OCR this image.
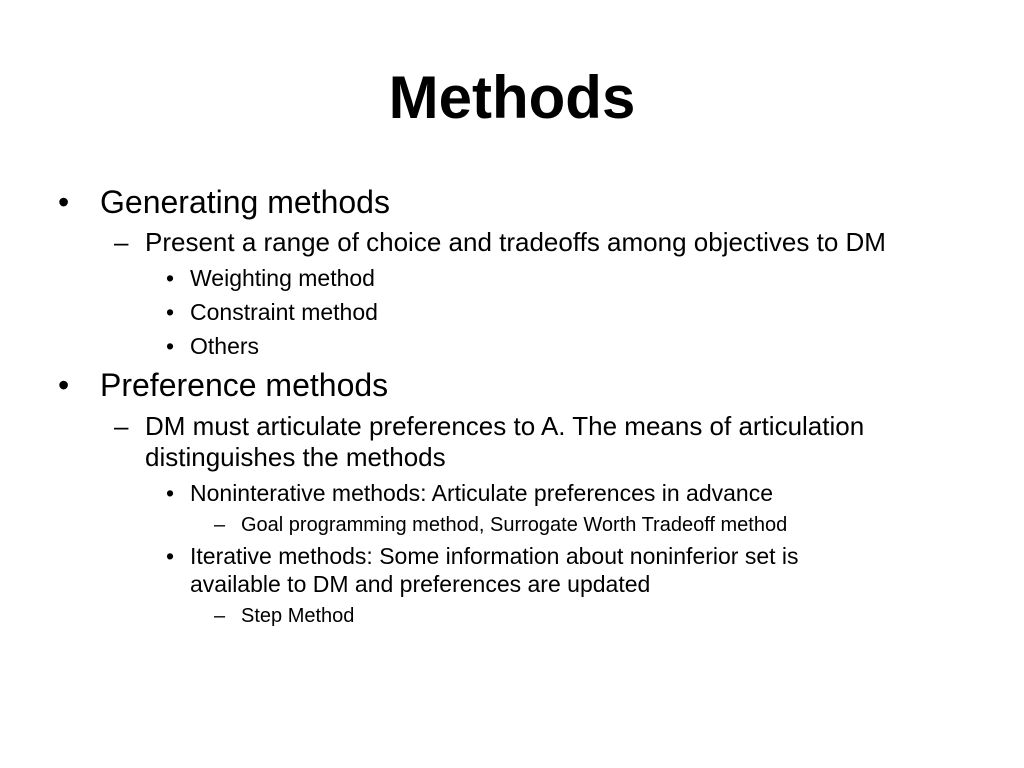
Methods
• Generating methods
– Present a range of choice and tradeoffs among objectives to DM
• Weighting method
• Constraint method
• Others
• Preference methods
– DM must articulate preferences to A. The means of articulation
distinguishes the methods
• Noninterative methods: Articulate preferences in advance
– Goal programming method, Surrogate Worth Tradeoff method
• Iterative methods: Some information about noninferior set is
available to DM and preferences are updated
– Step Method
